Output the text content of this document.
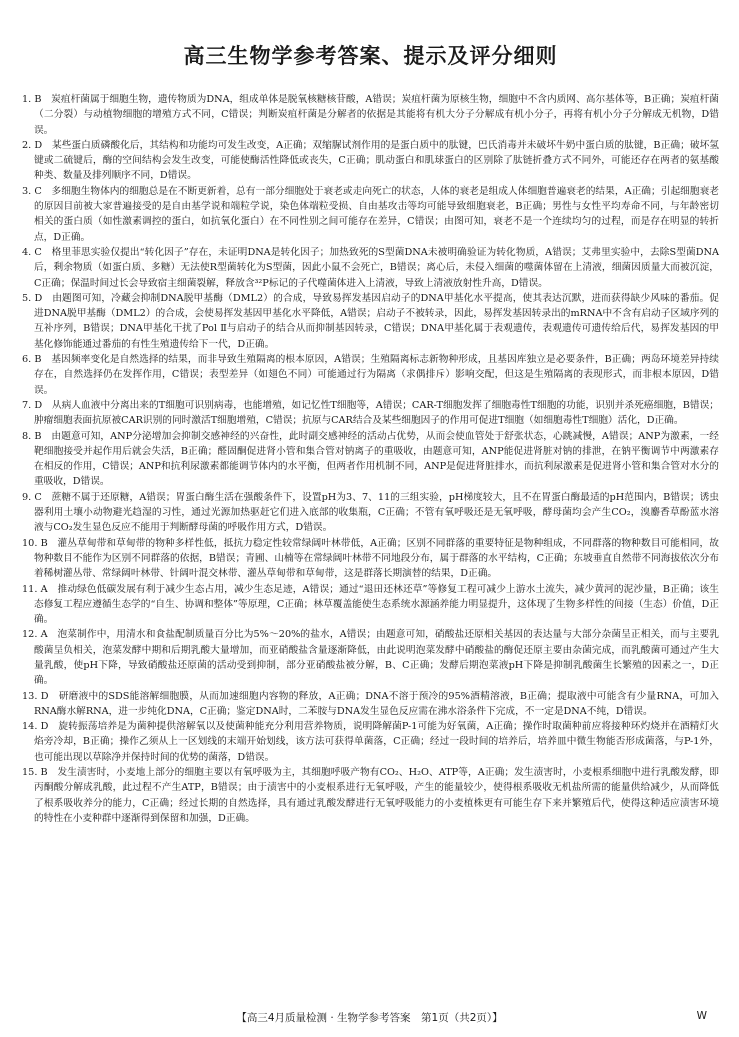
高三生物学参考答案、提示及评分细则

1. B　炭疽杆菌属于细胞生物，遗传物质为DNA，组成单体是脱氧核糖核苷酸，A错误；炭疽杆菌为原核生物，细胞中不含内质网、高尔基体等，B正确；炭疽杆菌（二分裂）与动植物细胞的增殖方式不同，C错误；判断炭疽杆菌是分解者的依据是其能将有机大分子分解成有机小分子，再将有机小分子分解成无机物，D错误。

2. D　某些蛋白质磷酸化后，其结构和功能均可发生改变，A正确；双缩脲试剂作用的是蛋白质中的肽键，巴氏消毒并未破坏牛奶中蛋白质的肽键，B正确；破坏氢键或二硫键后，酶的空间结构会发生改变，可能使酶活性降低或丧失，C正确；肌动蛋白和肌球蛋白的区别除了肽链折叠方式不同外，可能还存在两者的氨基酸种类、数量及排列顺序不同，D错误。

3. C　多细胞生物体内的细胞总是在不断更新着，总有一部分细胞处于衰老或走向死亡的状态，人体的衰老是组成人体细胞普遍衰老的结果，A正确；引起细胞衰老的原因目前被大家普遍接受的是自由基学说和端粒学说，染色体端粒受损、自由基攻击等均可能导致细胞衰老，B正确；男性与女性平均寿命不同，与年龄密切相关的蛋白质（如性激素调控的蛋白，如抗氧化蛋白）在不同性别之间可能存在差异，C错误；由图可知，衰老不是一个连续均匀的过程，而是存在明显的转折点，D正确。

4. C　格里菲思实验仅提出“转化因子”存在，未证明DNA是转化因子；加热致死的S型菌DNA未被明确验证为转化物质，A错误；艾弗里实验中，去除S型菌DNA后，剩余物质（如蛋白质、多糖）无法使R型菌转化为S型菌，因此小鼠不会死亡，B错误；离心后，未侵入细菌的噬菌体留在上清液，细菌因质量大而被沉淀，C正确；保温时间过长会导致宿主细菌裂解，释放含³²P标记的子代噬菌体进入上清液，导致上清液放射性升高，D错误。

5. D　由题图可知，冷藏会抑制DNA脱甲基酶（DML2）的合成，导致易挥发基因启动子的DNA甲基化水平提高，使其表达沉默，进而获得缺少风味的番茄。促进DNA脱甲基酶（DML2）的合成，会使易挥发基因甲基化水平降低，A错误；启动子不被转录，因此，易挥发基因转录出的mRNA中不含有启动子区域序列的互补序列，B错误；DNA甲基化干扰了Pol Ⅱ与启动子的结合从而抑制基因转录，C错误；DNA甲基化属于表观遗传，表观遗传可遗传给后代，易挥发基因的甲基化修饰能通过番茄的有性生殖遗传给下一代，D正确。

6. B　基因频率变化是自然选择的结果，而非导致生殖隔离的根本原因，A错误；生殖隔离标志新物种形成，且基因库独立是必要条件，B正确；两岛环境差异持续存在，自然选择仍在发挥作用，C错误；表型差异（如翅色不同）可能通过行为隔离（求偶排斥）影响交配，但这是生殖隔离的表现形式，而非根本原因，D错误。

7. D　从病人血液中分离出来的T细胞可识别病毒，也能增殖，如记忆性T细胞等，A错误；CAR-T细胞发挥了细胞毒性T细胞的功能，识别并杀死癌细胞，B错误；肿瘤细胞表面抗原被CAR识别的同时激活T细胞增殖，C错误；抗原与CAR结合及某些细胞因子的作用可促进T细胞（如细胞毒性T细胞）活化，D正确。

8. B　由题意可知，ANP分泌增加会抑制交感神经的兴奋性，此时副交感神经的活动占优势，从而会使血管处于舒张状态，心跳减慢，A错误；ANP为激素，一经靶细胞接受并起作用后就会失活，B正确；醛固酮促进肾小管和集合管对钠离子的重吸收，由题意可知，ANP能促进肾脏对钠的排泄，在钠平衡调节中两激素存在相反的作用，C错误；ANP和抗利尿激素都能调节体内的水平衡，但两者作用机制不同，ANP是促进肾脏排水，而抗利尿激素是促进肾小管和集合管对水分的重吸收，D错误。

9. C　蔗糖不属于还原糖，A错误；胃蛋白酶生活在强酸条件下，设置pH为3、7、11的三组实验，pH梯度较大，且不在胃蛋白酶最适的pH范围内，B错误；诱虫器利用土壤小动物避光趋湿的习性，通过光源加热驱赶它们进入底部的收集瓶，C正确；不管有氧呼吸还是无氧呼吸，酵母菌均会产生CO₂，溴麝香草酚蓝水溶液与CO₂发生显色反应不能用于判断酵母菌的呼吸作用方式，D错误。

10. B　灌丛草甸带和草甸带的物种多样性低，抵抗力稳定性较常绿阔叶林带低，A正确；区别不同群落的重要特征是物种组成，不同群落的物种数目可能相同，故物种数目不能作为区别不同群落的依据，B错误；青圃、山楠等在常绿阔叶林带不同地段分布，属于群落的水平结构，C正确；东坡垂直自然带不同海拔依次分布着稀树灌丛带、常绿阔叶林带、针阔叶混交林带、灌丛草甸带和草甸带，这是群落长期演替的结果，D正确。

11. A　推动绿色低碳发展有利于减少生态占用，减少生态足迹，A错误；通过“退田还林还草”等修复工程可减少上游水土流失，减少黄河的泥沙量，B正确；该生态修复工程应遵循生态学的“自生、协调和整体”等原理，C正确；林草覆盖能使生态系统水源涵养能力明显提升，这体现了生物多样性的间接（生态）价值，D正确。

12. A　泡菜制作中，用清水和食盐配制质量百分比为5%～20%的盐水，A错误；由题意可知，硝酸盐还原相关基因的表达量与大部分杂菌呈正相关，而与主要乳酸菌呈负相关，泡菜发酵中期和后期乳酸大量增加，而亚硝酸盐含量逐渐降低，由此说明泡菜发酵中硝酸盐的酶促还原主要由杂菌完成，而乳酸菌可通过产生大量乳酸，使pH下降，导致硝酸盐还原菌的活动受到抑制，部分亚硝酸盐被分解，B、C正确；发酵后期泡菜液pH下降是抑制乳酸菌生长繁殖的因素之一，D正确。

13. D　研磨液中的SDS能溶解细胞膜，从而加速细胞内容物的释放，A正确；DNA不溶于预冷的95%酒精溶液，B正确；提取液中可能含有少量RNA，可加入RNA酶水解RNA，进一步纯化DNA，C正确；鉴定DNA时，二苯胺与DNA发生显色反应需在沸水浴条件下完成，不一定是DNA不纯，D错误。

14. D　旋转振荡培养是为菌种提供溶解氧以及使菌种能充分利用营养物质，说明降解菌P-1可能为好氧菌，A正确；操作时取菌种前应将接种环灼烧并在酒精灯火焰旁冷却，B正确；操作乙须从上一区划线的末端开始划线，该方法可获得单菌落，C正确；经过一段时间的培养后，培养皿中微生物能否形成菌落，与P-1外，也可能出现以草除净并保持时间的优势的菌落，D错误。

15. B　发生渍害时，小麦地上部分的细胞主要以有氧呼吸为主，其细胞呼吸产物有CO₂、H₂O、ATP等，A正确；发生渍害时，小麦根系细胞中进行乳酸发酵，即丙酮酸分解成乳酸，此过程不产生ATP，B错误；由于渍害中的小麦根系进行无氧呼吸，产生的能量较少，使得根系吸收无机盐所需的能量供给减少，从而降低了根系吸收养分的能力，C正确；经过长期的自然选择，具有通过乳酸发酵进行无氧呼吸能力的小麦植株更有可能生存下来并繁殖后代，使得这种适应渍害环境的特性在小麦种群中逐渐得到保留和加强，D正确。

【高三4月质量检测 · 生物学参考答案　第1页（共2页）】	W
